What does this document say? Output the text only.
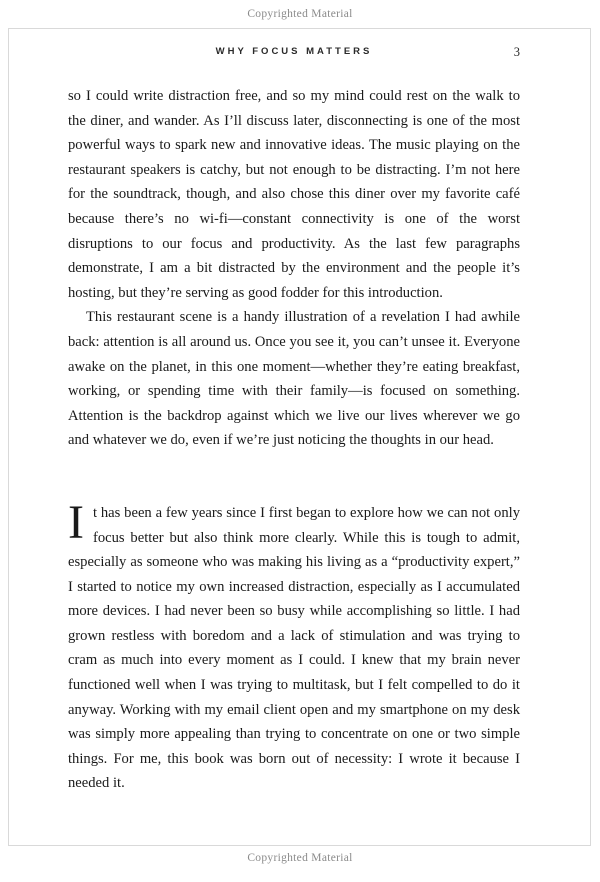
Copyrighted Material
WHY FOCUS MATTERS	3

so I could write distraction free, and so my mind could rest on the walk to the diner, and wander. As I’ll discuss later, disconnecting is one of the most powerful ways to spark new and innovative ideas. The music playing on the restaurant speakers is catchy, but not enough to be distracting. I’m not here for the soundtrack, though, and also chose this diner over my favorite café because there’s no wi-fi—constant connectivity is one of the worst disruptions to our focus and productivity. As the last few paragraphs demonstrate, I am a bit distracted by the environment and the people it’s hosting, but they’re serving as good fodder for this introduction.

This restaurant scene is a handy illustration of a revelation I had awhile back: attention is all around us. Once you see it, you can’t unsee it. Everyone awake on the planet, in this one moment—whether they’re eating breakfast, working, or spending time with their family—is focused on something. Attention is the backdrop against which we live our lives wherever we go and whatever we do, even if we’re just noticing the thoughts in our head.

It has been a few years since I first began to explore how we can not only focus better but also think more clearly. While this is tough to admit, especially as someone who was making his living as a “productivity expert,” I started to notice my own increased distraction, especially as I accumulated more devices. I had never been so busy while accomplishing so little. I had grown restless with boredom and a lack of stimulation and was trying to cram as much into every moment as I could. I knew that my brain never functioned well when I was trying to multitask, but I felt compelled to do it anyway. Working with my email client open and my smartphone on my desk was simply more appealing than trying to concentrate on one or two simple things. For me, this book was born out of necessity: I wrote it because I needed it.

Copyrighted Material
